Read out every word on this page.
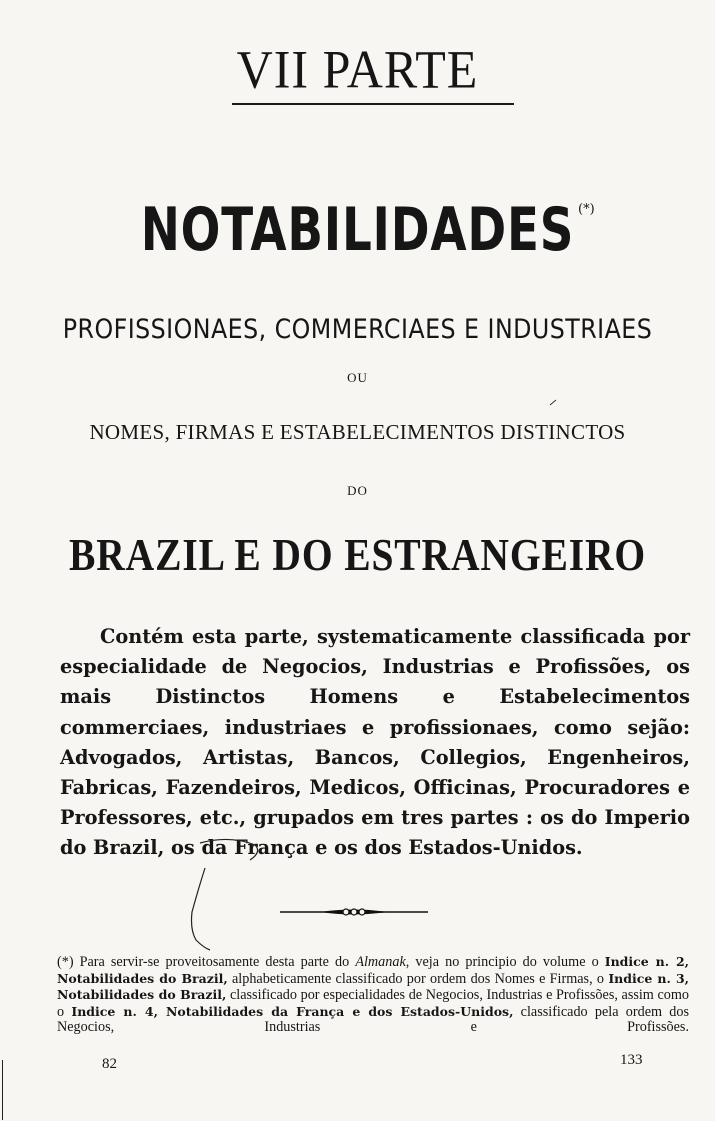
VII PARTE
NOTABILIDADES (*)
PROFISSIONAES, COMMERCIAES E INDUSTRIAES
OU
NOMES, FIRMAS E ESTABELECIMENTOS DISTINCTOS
DO
BRAZIL E DO ESTRANGEIRO
Contém esta parte, systematicamente classificada por especialidade de Negocios, Industrias e Profissões, os mais Distinctos Homens e Estabelecimentos commerciaes, industriaes e profissionaes, como sejão: Advogados, Artistas, Bancos, Collegios, Engenheiros, Fabricas, Fazendeiros, Medicos, Officinas, Procuradores e Professores, etc., grupados em tres partes : os do Imperio do Brazil, os da França e os dos Estados-Unidos.
(*) Para servir-se proveitosamente desta parte do Almanak, veja no principio do volume o Indice n. 2, Notabilidades do Brazil, alphabeticamente classificado por ordem dos Nomes e Firmas, o Indice n. 3, Notabilidades do Brazil, classificado por especialidades de Negocios, Industrias e Profissões, assim como o Indice n. 4, Notabilidades da França e dos Estados-Unidos, classificado pela ordem dos Negocios, Industrias e Profissões.
82	133
